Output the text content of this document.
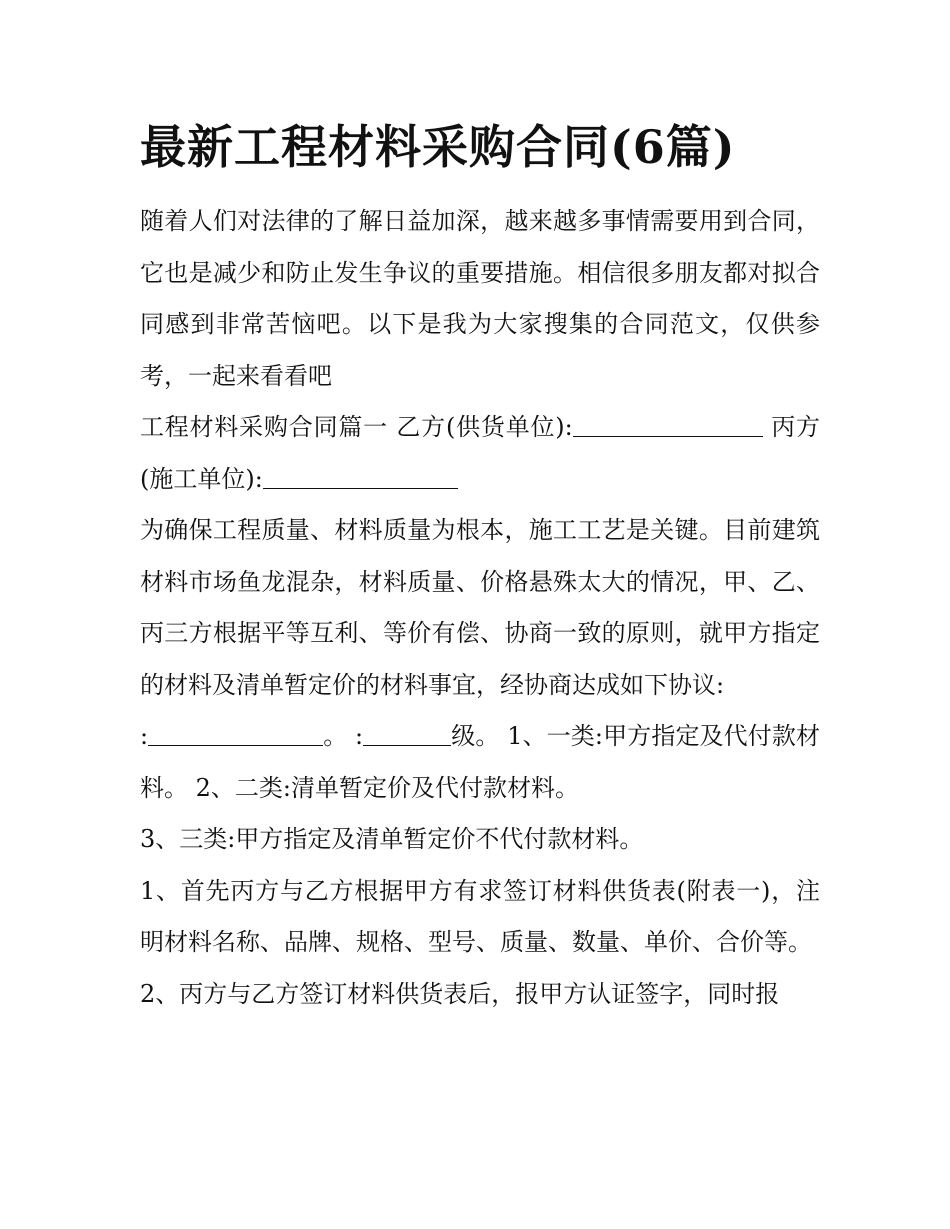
最新工程材料采购合同(6篇)

随着人们对法律的了解日益加深，越来越多事情需要用到合同，它也是减少和防止发生争议的重要措施。相信很多朋友都对拟合同感到非常苦恼吧。以下是我为大家搜集的合同范文，仅供参考，一起来看看吧

工程材料采购合同篇一 乙方(供货单位):	丙方(施工单位):

为确保工程质量、材料质量为根本，施工工艺是关键。目前建筑材料市场鱼龙混杂，材料质量、价格悬殊太大的情况，甲、乙、丙三方根据平等互利、等价有偿、协商一致的原则，就甲方指定的材料及清单暂定价的材料事宜，经协商达成如下协议:

:	。 :	级。 1、一类:甲方指定及代付款材料。 2、二类:清单暂定价及代付款材料。

3、三类:甲方指定及清单暂定价不代付款材料。

1、首先丙方与乙方根据甲方有求签订材料供货表(附表一)，注明材料名称、品牌、规格、型号、质量、数量、单价、合价等。

2、丙方与乙方签订材料供货表后，报甲方认证签字，同时报
